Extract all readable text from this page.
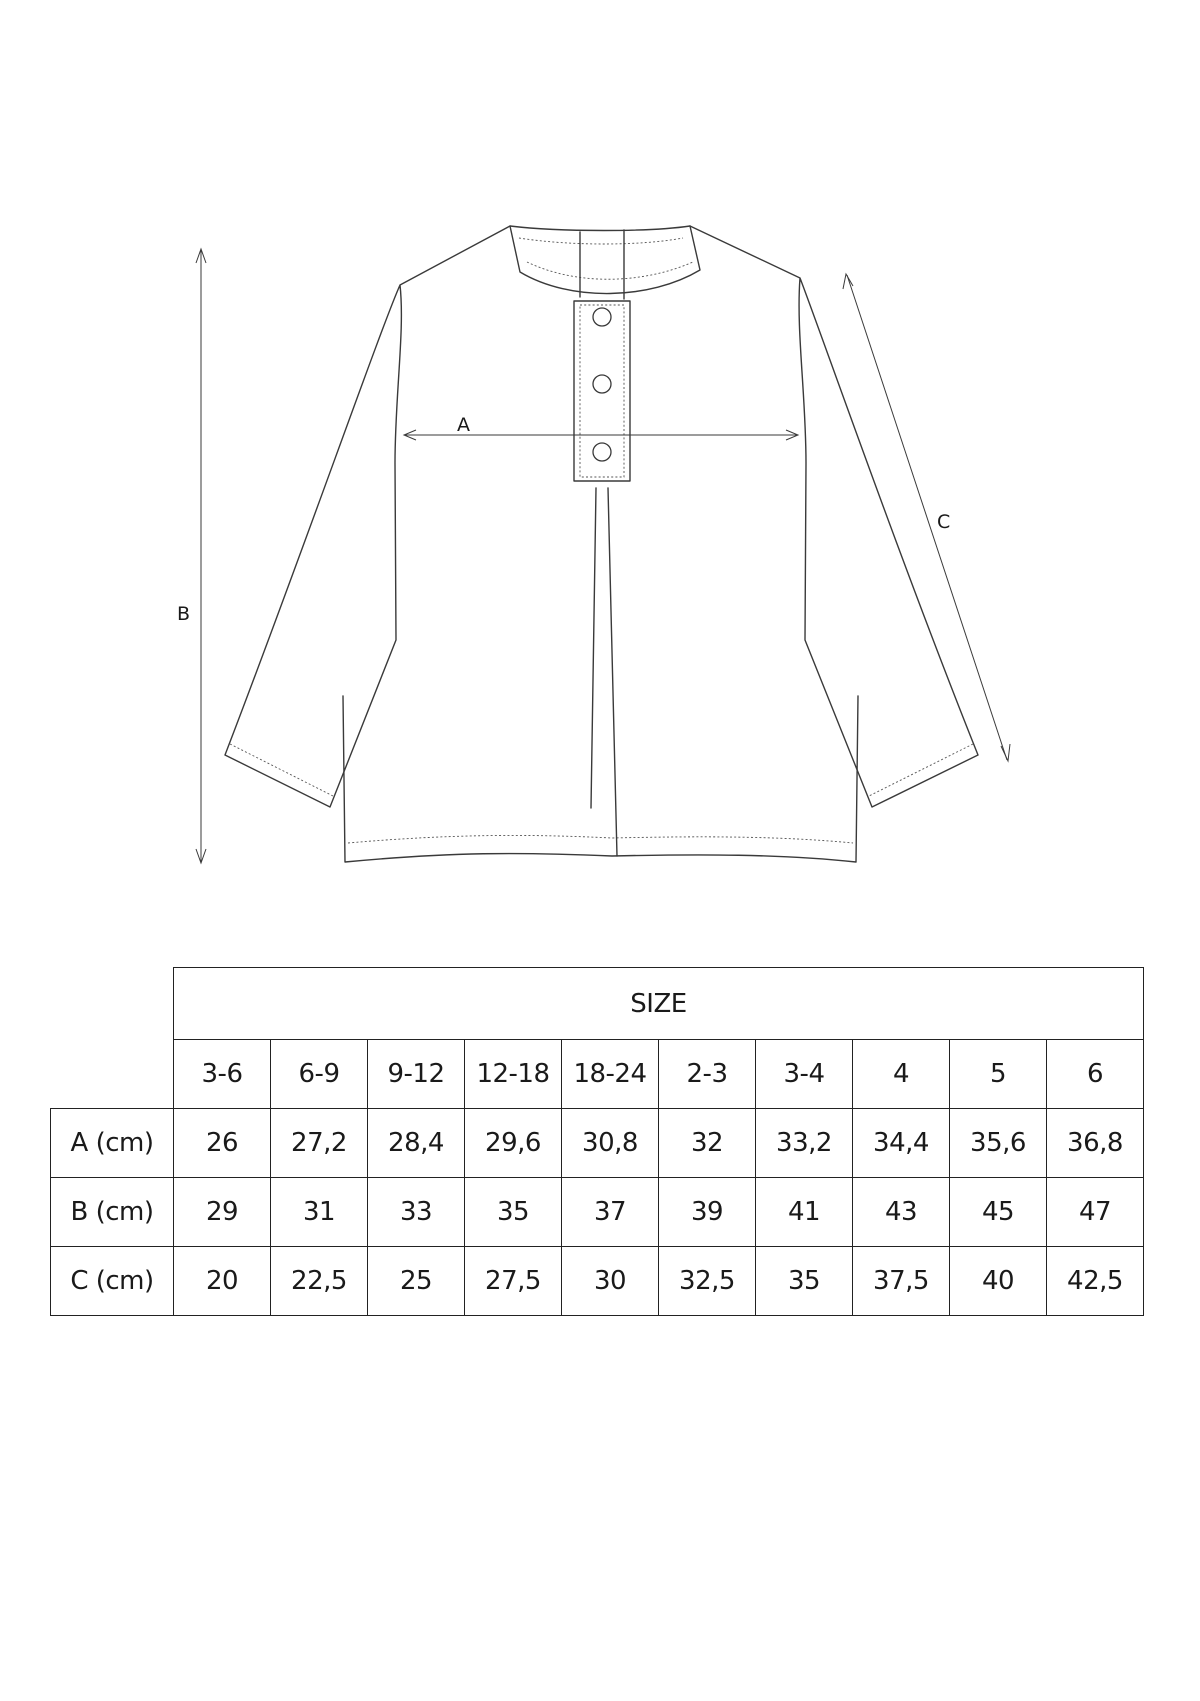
A
B
C
	SIZE									
	3-6	6-9	9-12	12-18	18-24	2-3	3-4	4	5	6
A (cm)	26	27,2	28,4	29,6	30,8	32	33,2	34,4	35,6	36,8
B (cm)	29	31	33	35	37	39	41	43	45	47
C (cm)	20	22,5	25	27,5	30	32,5	35	37,5	40	42,5
